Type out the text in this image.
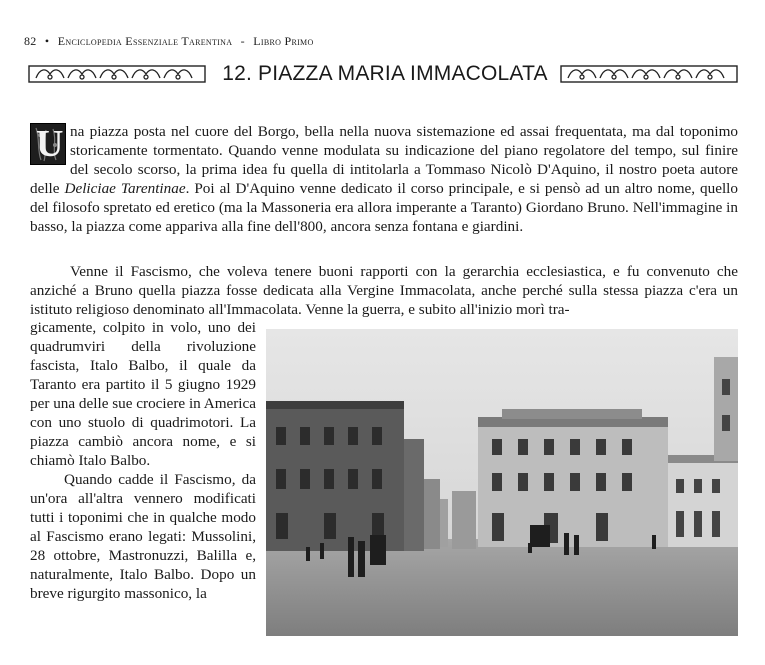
82 • Enciclopedia Essenziale Tarentina - Libro Primo
12. PIAZZA MARIA IMMACOLATA
U na piazza posta nel cuore del Borgo, bella nella nuova sistemazione ed assai frequentata, ma dal toponimo storicamente tormentato. Quando venne modulata su indicazione del piano regolatore del tempo, sul finire del secolo scorso, la prima idea fu quella di intitolarla a Tommaso Nicolò D'Aquino, il nostro poeta autore delle Deliciae Tarentinae. Poi al D'Aquino venne dedicato il corso principale, e si pensò ad un altro nome, quello del filosofo spretato ed eretico (ma la Massoneria era allora imperante a Taranto) Giordano Bruno. Nell'immagine in basso, la piazza come appariva alla fine dell'800, ancora senza fontana e giardini.
Venne il Fascismo, che voleva tenere buoni rapporti con la gerarchia ecclesiastica, e fu convenuto che anziché a Bruno quella piazza fosse dedicata alla Vergine Immacolata, anche perché sulla stessa piazza c'era un istituto religioso denominato all'Immacolata. Venne la guerra, e subito all'inizio morì tra-
gicamente, colpito in volo, uno dei quadrumviri della rivoluzione fascista, Italo Balbo, il quale da Taranto era partito il 5 giugno 1929 per una delle sue crociere in America con uno stuolo di quadrimotori. La piazza cambiò ancora nome, e si chiamò Italo Balbo.
Quando cadde il Fascismo, da un'ora all'altra vennero modificati tutti i toponimi che in qualche modo al Fascismo erano legati: Mussolini, 28 ottobre, Mastronuzzi, Balilla e, naturalmente, Italo Balbo. Dopo un breve rigurgito massonico, la
